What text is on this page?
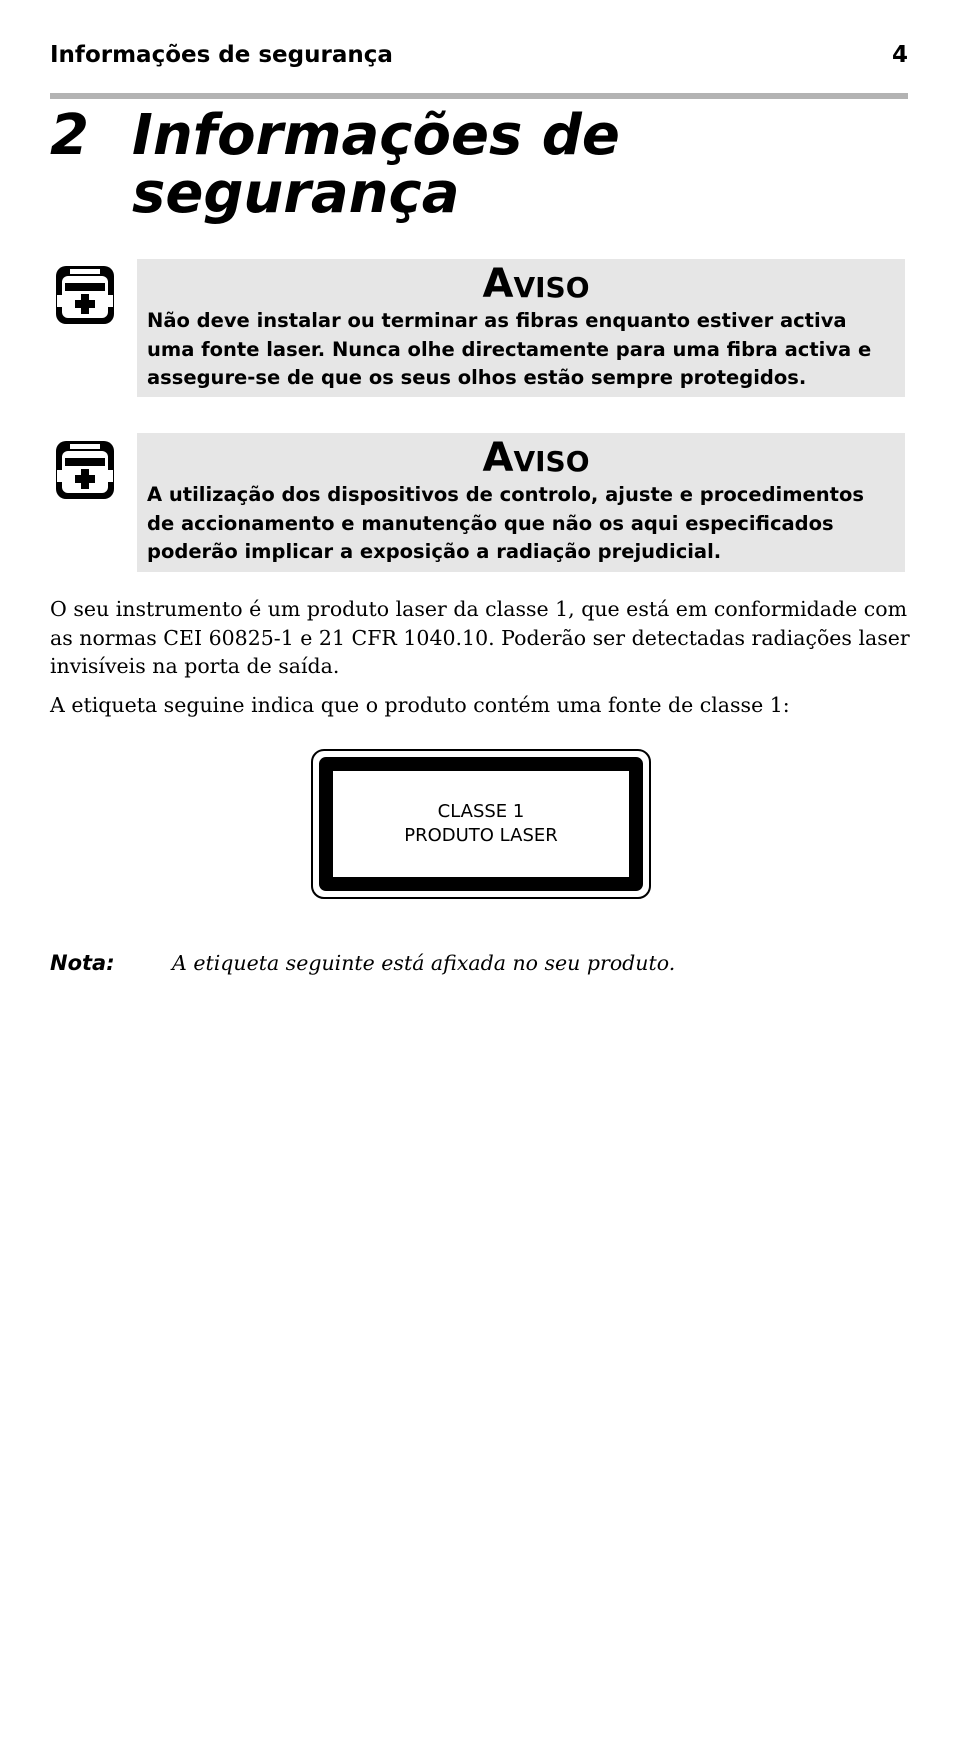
Informações de segurança	4
2 Informações de segurança
Aviso
Não deve instalar ou terminar as fibras enquanto estiver activa uma fonte laser. Nunca olhe directamente para uma fibra activa e assegure-se de que os seus olhos estão sempre protegidos.
Aviso
A utilização dos dispositivos de controlo, ajuste e procedimentos de accionamento e manutenção que não os aqui especificados poderão implicar a exposição a radiação prejudicial.
O seu instrumento é um produto laser da classe 1, que está em conformidade com as normas CEI 60825-1 e 21 CFR 1040.10. Poderão ser detectadas radiações laser invisíveis na porta de saída.
A etiqueta seguine indica que o produto contém uma fonte de classe 1:
CLASSE 1
PRODUTO LASER
Nota:	A etiqueta seguinte está afixada no seu produto.
